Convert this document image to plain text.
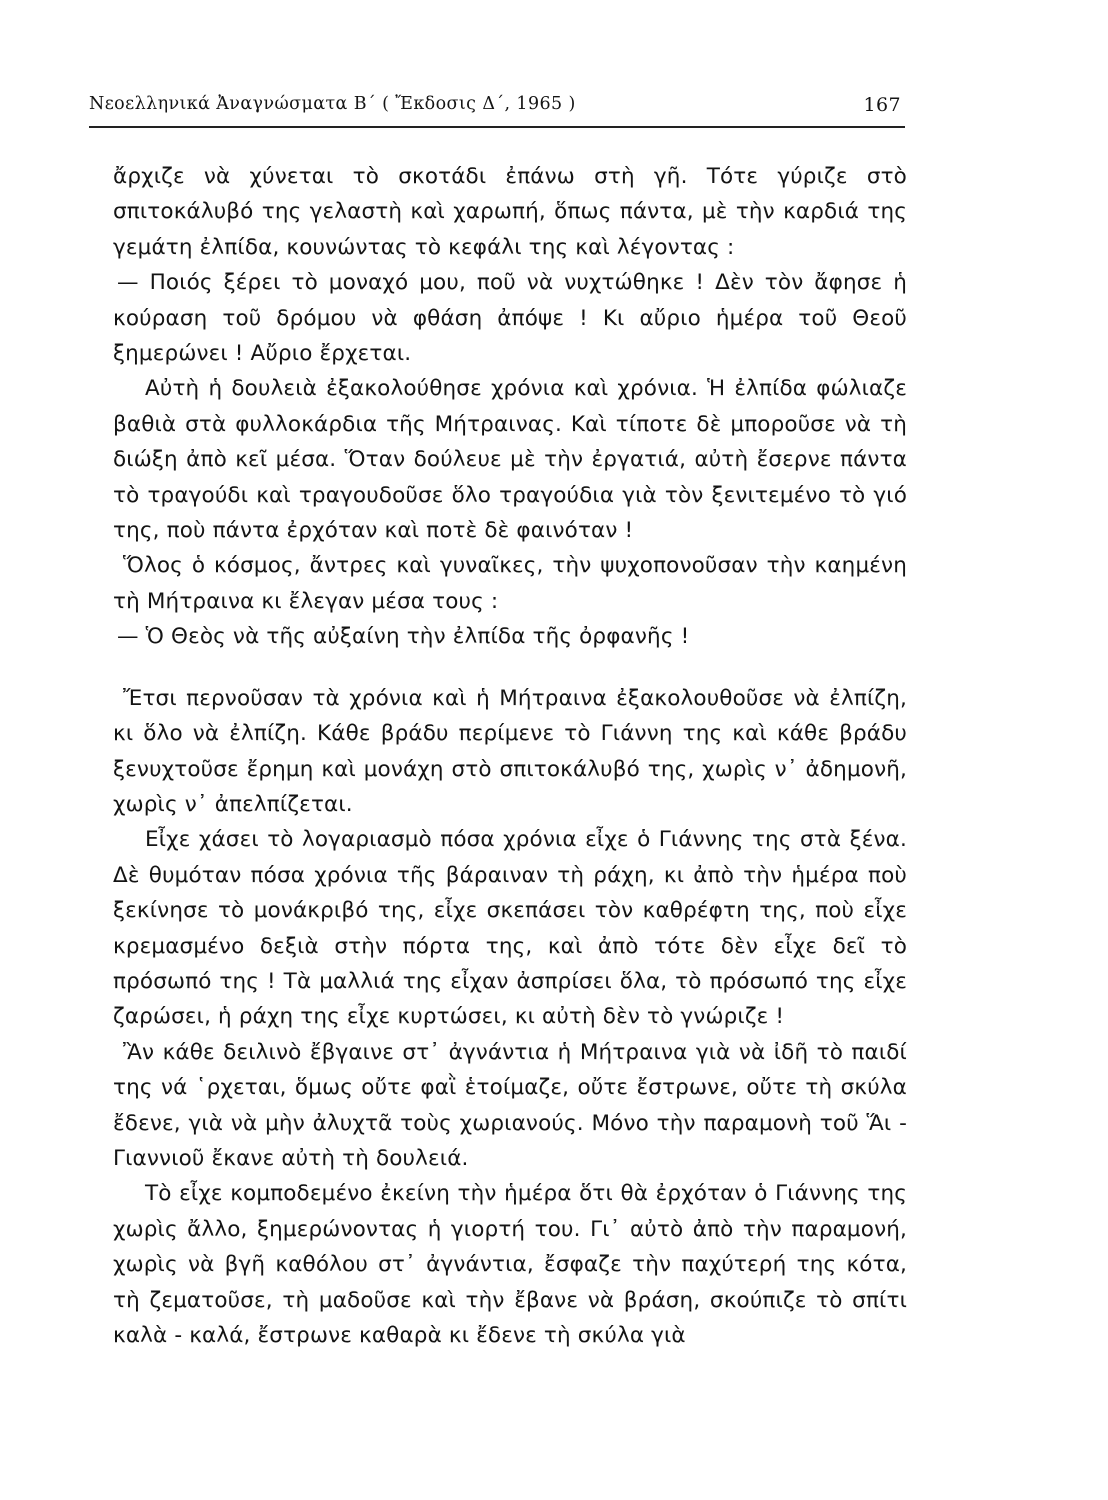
Νεοελληνικά Ἀναγνώσματα Β΄ ( Ἔκδοσις Δ΄, 1965 )	167

ἄρχιζε νὰ χύνεται τὸ σκοτάδι ἐπάνω στὴ γῆ. Τότε γύριζε στὸ σπιτοκάλυβό της γελαστὴ καὶ χαρωπή, ὅπως πάντα, μὲ τὴν καρδιά της γεμάτη ἐλπίδα, κουνώντας τὸ κεφάλι της καὶ λέγοντας :

— Ποιός ξέρει τὸ μοναχό μου, ποῦ νὰ νυχτώθηκε ! Δὲν τὸν ἄφησε ἡ κούραση τοῦ δρόμου νὰ φθάση ἀπόψε ! Κι αὔριο ἡμέρα τοῦ Θεοῦ ξημερώνει ! Αὔριο ἔρχεται.

Αὐτὴ ἡ δουλειὰ ἐξακολούθησε χρόνια καὶ χρόνια. Ἡ ἐλπίδα φώλιαζε βαθιὰ στὰ φυλλοκάρδια τῆς Μήτραινας. Καὶ τίποτε δὲ μποροῦσε νὰ τὴ διώξη ἀπὸ κεῖ μέσα. Ὅταν δούλευε μὲ τὴν ἐργατιά, αὐτὴ ἔσερνε πάντα τὸ τραγούδι καὶ τραγουδοῦσε ὅλο τραγούδια γιὰ τὸν ξενιτεμένο τὸ γιό της, ποὺ πάντα ἐρχόταν καὶ ποτὲ δὲ φαινόταν !

Ὅλος ὁ κόσμος, ἄντρες καὶ γυναῖκες, τὴν ψυχοπονοῦσαν τὴν καημένη τὴ Μήτραινα κι ἔλεγαν μέσα τους :

— Ὁ Θεὸς νὰ τῆς αὐξαίνη τὴν ἐλπίδα τῆς ὀρφανῆς !

Ἔτσι περνοῦσαν τὰ χρόνια καὶ ἡ Μήτραινα ἐξακολουθοῦσε νὰ ἐλπίζη, κι ὅλο νὰ ἐλπίζη. Κάθε βράδυ περίμενε τὸ Γιάννη της καὶ κάθε βράδυ ξενυχτοῦσε ἔρημη καὶ μονάχη στὸ σπιτοκάλυβό της, χωρὶς ν᾿ ἀδημονῆ, χωρὶς ν᾿ ἀπελπίζεται.

Εἶχε χάσει τὸ λογαριασμὸ πόσα χρόνια εἶχε ὁ Γιάννης της στὰ ξένα. Δὲ θυμόταν πόσα χρόνια τῆς βάραιναν τὴ ράχη, κι ἀπὸ τὴν ἡμέρα ποὺ ξεκίνησε τὸ μονάκριβό της, εἶχε σκεπάσει τὸν καθρέφτη της, ποὺ εἶχε κρεμασμένο δεξιὰ στὴν πόρτα της, καὶ ἀπὸ τότε δὲν εἶχε δεῖ τὸ πρόσωπό της ! Τὰ μαλλιά της εἶχαν ἀσπρίσει ὅλα, τὸ πρόσωπό της εἶχε ζαρώσει, ἡ ράχη της εἶχε κυρτώσει, κι αὐτὴ δὲν τὸ γνώριζε !

Ἂν κάθε δειλινὸ ἔβγαινε στ᾿ ἀγνάντια ἡ Μήτραινα γιὰ νὰ ἰδῆ τὸ παιδί της νά ῾ρχεται, ὅμως οὔτε φαῒ ἑτοίμαζε, οὔτε ἔστρωνε, οὔτε τὴ σκύλα ἔδενε, γιὰ νὰ μὴν ἀλυχτᾶ τοὺς χωριανούς. Μόνο τὴν παραμονὴ τοῦ Ἅι - Γιαννιοῦ ἔκανε αὐτὴ τὴ δουλειά.

Τὸ εἶχε κομποδεμένο ἐκείνη τὴν ἡμέρα ὅτι θὰ ἐρχόταν ὁ Γιάννης της χωρὶς ἄλλο, ξημερώνοντας ἡ γιορτή του. Γι᾿ αὐτὸ ἀπὸ τὴν παραμονή, χωρὶς νὰ βγῆ καθόλου στ᾿ ἀγνάντια, ἔσφαζε τὴν παχύτερή της κότα, τὴ ζεματοῦσε, τὴ μαδοῦσε καὶ τὴν ἔβανε νὰ βράση, σκούπιζε τὸ σπίτι καλὰ - καλά, ἔστρωνε καθαρὰ κι ἔδενε τὴ σκύλα γιὰ
